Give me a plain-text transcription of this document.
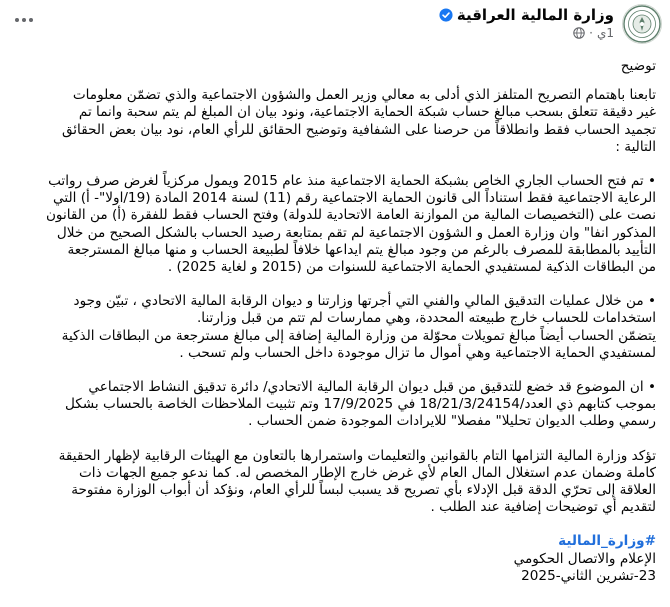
وزارة المالية العراقية
1ي
·
توضيح
تابعنا باهتمام التصريح المتلفز الذي أدلى به معالي وزير العمل والشؤون الاجتماعية والذي تضمّن معلومات
غير دقيقة تتعلق بسحب مبالغ حساب شبكة الحماية الاجتماعية، ونود بيان ان المبلغ لم يتم سحبة وانما تم
تجميد الحساب فقط وانطلاقاً من حرصنا على الشفافية وتوضيح الحقائق للرأي العام، نود بيان بعض الحقائق
التالية :
• تم فتح الحساب الجاري الخاص بشبكة الحماية الاجتماعية منذ عام 2015 ويمول مركزياً لغرض صرف رواتب
الرعاية الاجتماعية فقط استناداً الى قانون الحماية الاجتماعية رقم (11) لسنة 2014 المادة (19/اولا"- أ) التي
نصت على (التخصيصات المالية من الموازنة العامة الاتحادية للدولة) وفتح الحساب فقط للفقرة (أ) من القانون
المذكور انفا" وان وزارة العمل و الشؤون الاجتماعية لم تقم بمتابعة رصيد الحساب بالشكل الصحيح من خلال
التأييد بالمطابقة للمصرف بالرغم من وجود مبالغ يتم ايداعها خلافاً لطبيعة الحساب و منها مبالغ المسترجعة
من البطاقات الذكية لمستفيدي الحماية الاجتماعية للسنوات من (2015 و لغاية 2025) .
• من خلال عمليات التدقيق المالي والفني التي أجرتها وزارتنا و ديوان الرقابة المالية الاتحادي ، تبيّن وجود
استخدامات للحساب خارج طبيعته المحددة، وهي ممارسات لم تتم من قبل وزارتنا.
يتضمّن الحساب أيضاً مبالغ تمويلات محوّلة من وزارة المالية إضافة إلى مبالغ مسترجعة من البطاقات الذكية
لمستفيدي الحماية الاجتماعية وهي أموال ما تزال موجودة داخل الحساب ولم تسحب .
• ان الموضوع قد خضع للتدقيق من قبل ديوان الرقابة المالية الاتحادي/ دائرة تدقيق النشاط الاجتماعي
بموجب كتابهم ذي العدد/18/21/3/24154 في 17/9/2025 وتم تثبيت الملاحظات الخاصة بالحساب بشكل
رسمي وطلب الديوان تحليلا" مفصلا" للايرادات الموجودة ضمن الحساب .
تؤكد وزارة المالية التزامها التام بالقوانين والتعليمات واستمرارها بالتعاون مع الهيئات الرقابية لإظهار الحقيقة
كاملة وضمان عدم استغلال المال العام لأي غرض خارج الإطار المخصص له. كما ندعو جميع الجهات ذات
العلاقة إلى تحرّي الدقة قبل الإدلاء بأي تصريح قد يسبب لبساً للرأي العام، ونؤكد أن أبواب الوزارة مفتوحة
لتقديم أي توضيحات إضافية عند الطلب .
#وزارة_المالية
الإعلام والاتصال الحكومي
23-تشرين الثاني-2025
